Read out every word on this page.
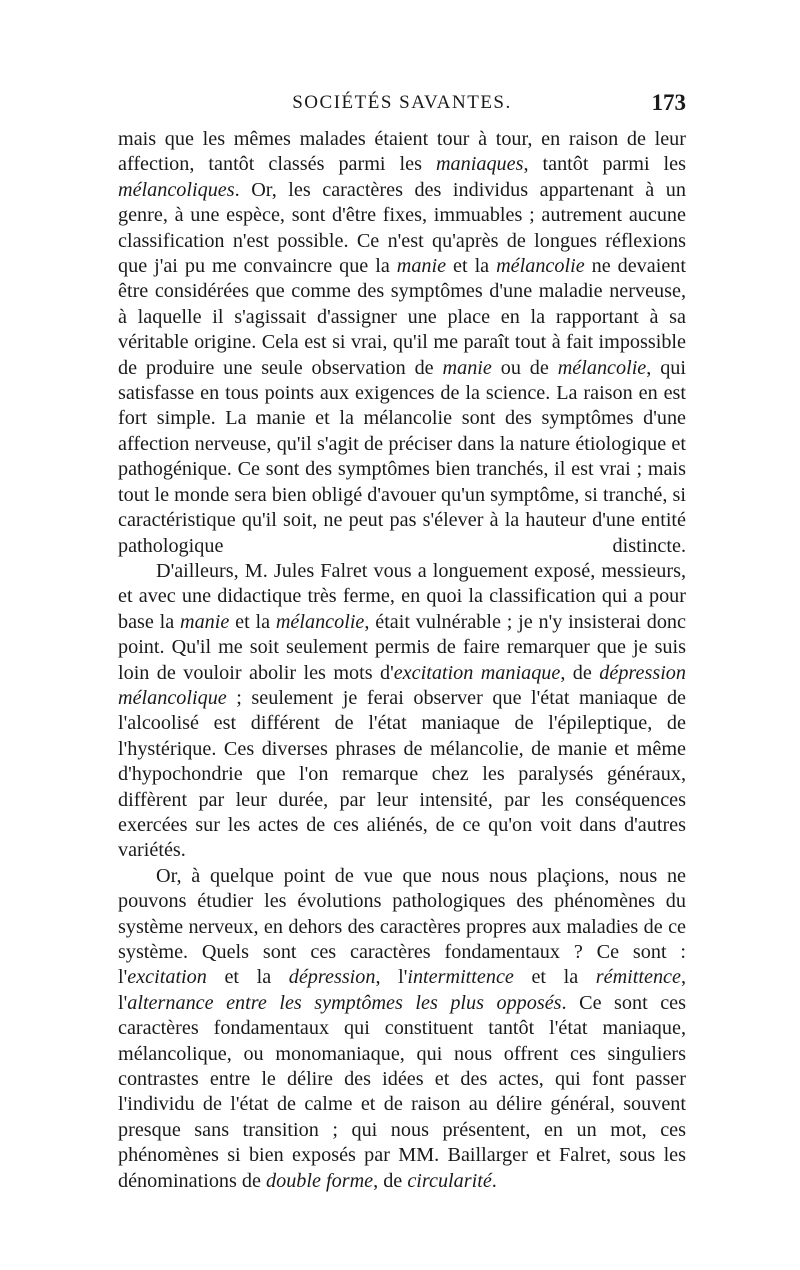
SOCIÉTÉS SAVANTES.	173

mais que les mêmes malades étaient tour à tour, en raison de leur affection, tantôt classés parmi les maniaques, tantôt parmi les mélancoliques. Or, les caractères des individus appartenant à un genre, à une espèce, sont d'être fixes, immuables ; autrement aucune classification n'est possible. Ce n'est qu'après de longues réflexions que j'ai pu me convaincre que la manie et la mélancolie ne devaient être considérées que comme des symptômes d'une maladie nerveuse, à laquelle il s'agissait d'assigner une place en la rapportant à sa véritable origine. Cela est si vrai, qu'il me paraît tout à fait impossible de produire une seule observation de manie ou de mélancolie, qui satisfasse en tous points aux exigences de la science. La raison en est fort simple. La manie et la mélancolie sont des symptômes d'une affection nerveuse, qu'il s'agit de préciser dans la nature étiologique et pathogénique. Ce sont des symptômes bien tranchés, il est vrai ; mais tout le monde sera bien obligé d'avouer qu'un symptôme, si tranché, si caractéristique qu'il soit, ne peut pas s'élever à la hauteur d'une entité pathologique distincte.

D'ailleurs, M. Jules Falret vous a longuement exposé, messieurs, et avec une didactique très ferme, en quoi la classification qui a pour base la manie et la mélancolie, était vulnérable ; je n'y insisterai donc point. Qu'il me soit seulement permis de faire remarquer que je suis loin de vouloir abolir les mots d'excitation maniaque, de dépression mélancolique ; seulement je ferai observer que l'état maniaque de l'alcoolisé est différent de l'état maniaque de l'épileptique, de l'hystérique. Ces diverses phrases de mélancolie, de manie et même d'hypochondrie que l'on remarque chez les paralysés généraux, diffèrent par leur durée, par leur intensité, par les conséquences exercées sur les actes de ces aliénés, de ce qu'on voit dans d'autres variétés.

Or, à quelque point de vue que nous nous plaçions, nous ne pouvons étudier les évolutions pathologiques des phénomènes du système nerveux, en dehors des caractères propres aux maladies de ce système. Quels sont ces caractères fondamentaux ? Ce sont : l'excitation et la dépression, l'intermittence et la rémittence, l'alternance entre les symptômes les plus opposés. Ce sont ces caractères fondamentaux qui constituent tantôt l'état maniaque, mélancolique, ou monomaniaque, qui nous offrent ces singuliers contrastes entre le délire des idées et des actes, qui font passer l'individu de l'état de calme et de raison au délire général, souvent presque sans transition ; qui nous présentent, en un mot, ces phénomènes si bien exposés par MM. Baillarger et Falret, sous les dénominations de double forme, de circularité.
